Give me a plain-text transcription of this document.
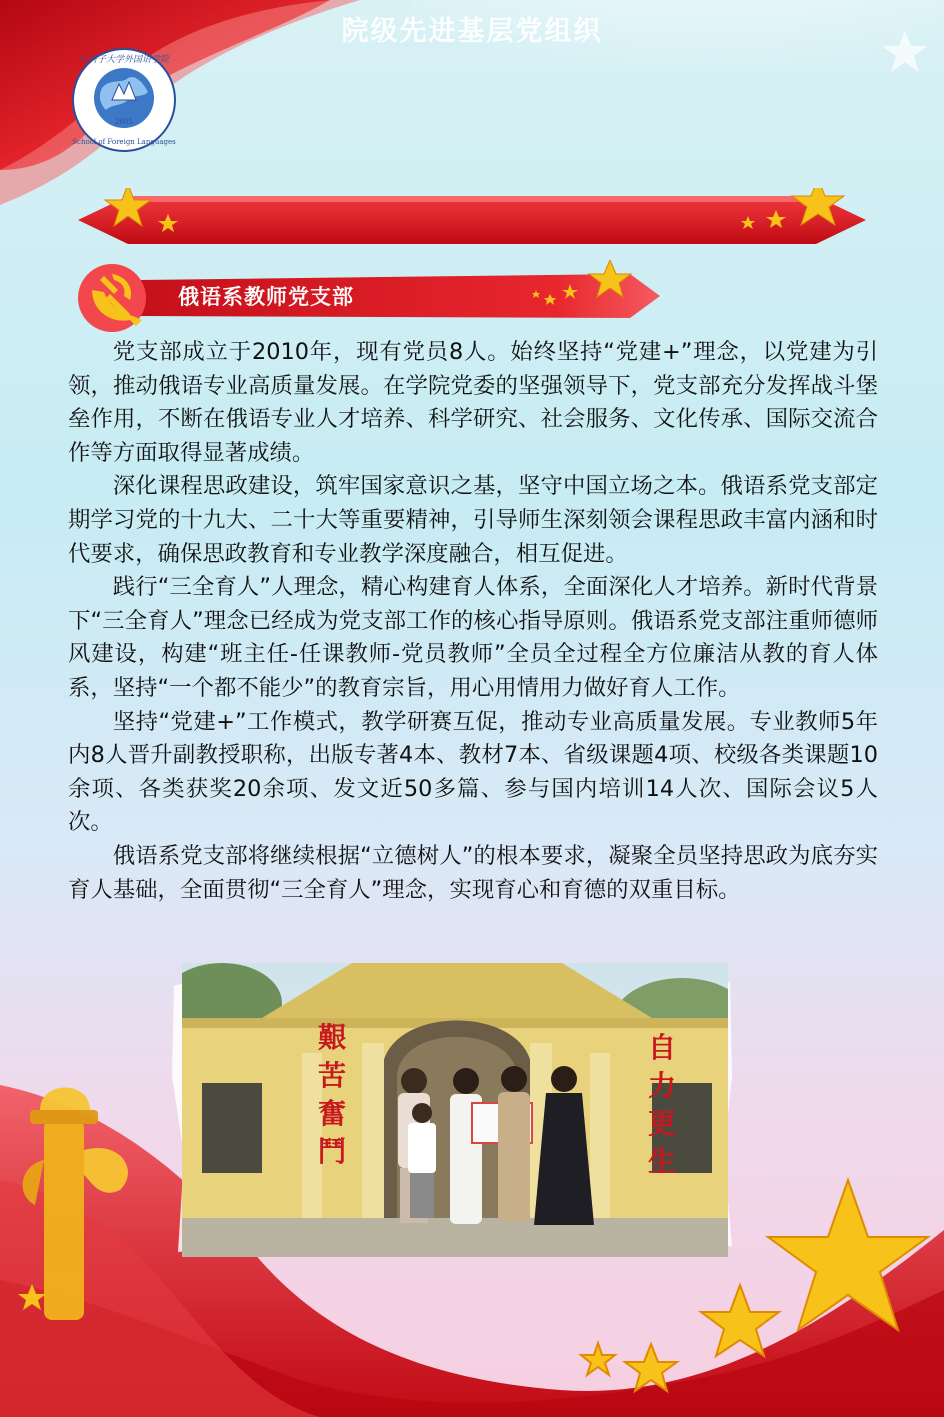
2005
School of Foreign Languages
石河子大学外国语学院
院级先进基层党组织
俄语系教师党支部

党支部成立于2010年，现有党员8人。始终坚持“党建+”理念，以党建为引领，推动俄语专业高质量发展。在学院党委的坚强领导下，党支部充分发挥战斗堡垒作用，不断在俄语专业人才培养、科学研究、社会服务、文化传承、国际交流合作等方面取得显著成绩。

深化课程思政建设，筑牢国家意识之基，坚守中国立场之本。俄语系党支部定期学习党的十九大、二十大等重要精神，引导师生深刻领会课程思政丰富内涵和时代要求，确保思政教育和专业教学深度融合，相互促进。

践行“三全育人”人理念，精心构建育人体系，全面深化人才培养。新时代背景下“三全育人”理念已经成为党支部工作的核心指导原则。俄语系党支部注重师德师风建设，构建“班主任-任课教师-党员教师”全员全过程全方位廉洁从教的育人体系，坚持“一个都不能少”的教育宗旨，用心用情用力做好育人工作。

坚持“党建+”工作模式，教学研赛互促，推动专业高质量发展。专业教师5年内8人晋升副教授职称，出版专著4本、教材7本、省级课题4项、校级各类课题10余项、各类获奖20余项、发文近50多篇、参与国内培训14人次、国际会议5人次。

俄语系党支部将继续根据“立德树人”的根本要求，凝聚全员坚持思政为底夯实育人基础，全面贯彻“三全育人”理念，实现育心和育德的双重目标。

艱
苦
奮
鬥
自
力
更
生
